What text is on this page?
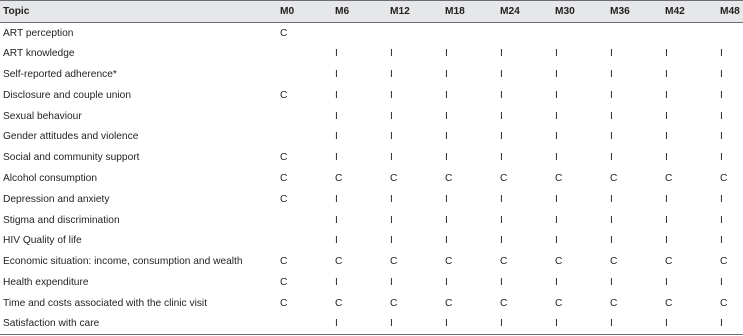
Topic	M0	M6	M12	M18	M24	M30	M36	M42	M48
ART perception	C								
ART knowledge		I	I	I	I	I	I	I	I
Self-reported adherence*		I	I	I	I	I	I	I	I
Disclosure and couple union	C	I	I	I	I	I	I	I	I
Sexual behaviour		I	I	I	I	I	I	I	I
Gender attitudes and violence		I	I	I	I	I	I	I	I
Social and community support	C	I	I	I	I	I	I	I	I
Alcohol consumption	C	C	C	C	C	C	C	C	C
Depression and anxiety	C	I	I	I	I	I	I	I	I
Stigma and discrimination		I	I	I	I	I	I	I	I
HIV Quality of life		I	I	I	I	I	I	I	I
Economic situation: income, consumption and wealth	C	C	C	C	C	C	C	C	C
Health expenditure	C	I	I	I	I	I	I	I	I
Time and costs associated with the clinic visit	C	C	C	C	C	C	C	C	C
Satisfaction with care		I	I	I	I	I	I	I	I
